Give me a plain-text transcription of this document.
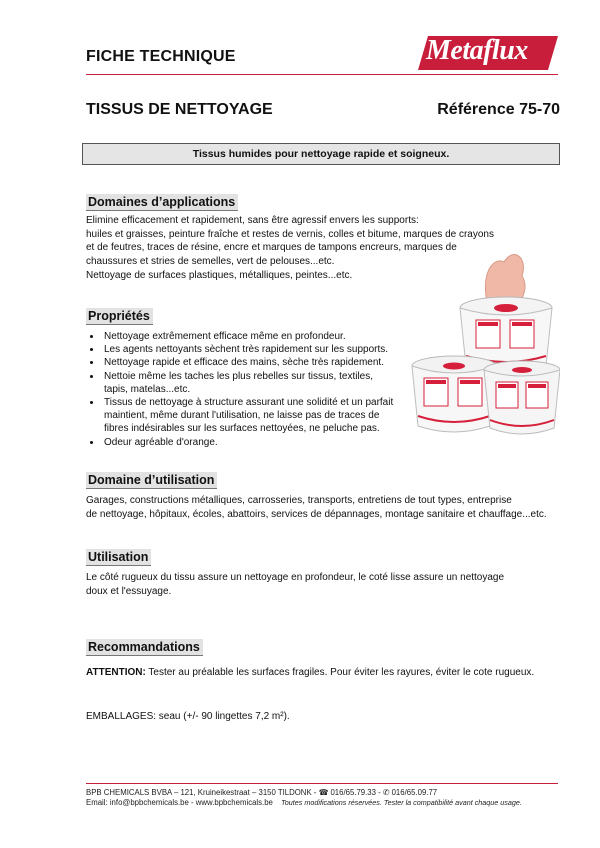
FICHE TECHNIQUE	Metaflux
TISSUS DE NETTOYAGE	Référence 75-70
Tissus humides pour nettoyage rapide et soigneux.
Domaines d’applications

Elimine efficacement et rapidement, sans être agressif envers les supports:

huiles et graisses, peinture fraîche et restes de vernis, colles et bitume, marques de crayons

et de feutres, traces de résine, encre et marques de tampons encreurs, marques de

chaussures et stries de semelles, vert de pelouses...etc.

Nettoyage de surfaces plastiques, métalliques, peintes...etc.

Propriétés
• Nettoyage extrêmement efficace même en profondeur.
• Les agents nettoyants sèchent très rapidement sur les supports.
• Nettoyage rapide et efficace des mains, sèche très rapidement.
• Nettoie même les taches les plus rebelles sur tissus, textiles, tapis, matelas...etc.
• Tissus de nettoyage à structure assurant une solidité et un parfait maintient, même durant l'utilisation, ne laisse pas de traces de fibres indésirables sur les surfaces nettoyées, ne peluche pas.
• Odeur agréable d'orange.
Domaine d’utilisation

Garages, constructions métalliques, carrosseries, transports, entretiens de tout types, entreprise

de nettoyage, hôpitaux, écoles, abattoirs, services de dépannages, montage sanitaire et chauffage...etc.

Utilisation

Le côté rugueux du tissu assure un nettoyage en profondeur, le coté lisse assure un nettoyage

doux et l'essuyage.

Recommandations
ATTENTION: Tester au préalable les surfaces fragiles. Pour éviter les rayures, éviter le cote rugueux.
EMBALLAGES: seau (+/- 90 lingettes 7,2 m²).
BPB CHEMICALS BVBA – 121, Kruineikestraat – 3150 TILDONK - ☎ 016/65.79.33 - ✆ 016/65.09.77
Email: info@bpbchemicals.be - www.bpbchemicals.be Toutes modifications réservées. Tester la compatibilité avant chaque usage.
